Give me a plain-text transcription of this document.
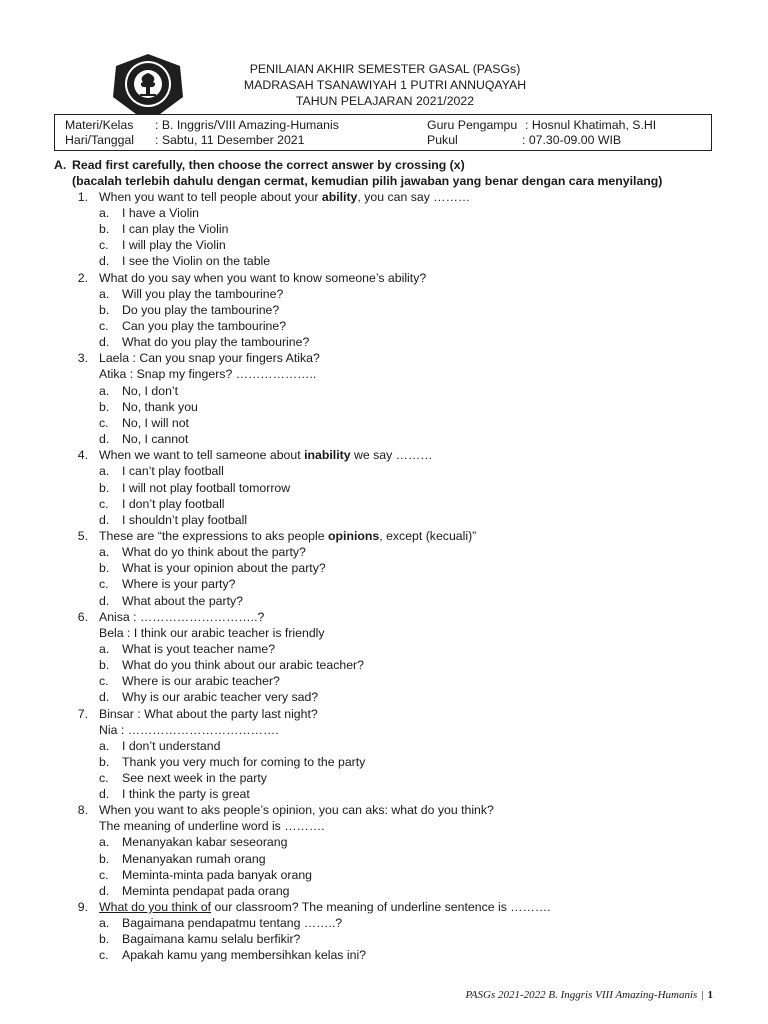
PENILAIAN AKHIR SEMESTER GASAL (PASGs)
MADRASAH TSANAWIYAH 1 PUTRI ANNUQAYAH
TAHUN PELAJARAN 2021/2022
Materi/Kelas : B. Inggris/VIII Amazing-Humanis
Hari/Tanggal : Sabtu, 11 Desember 2021
Guru Pengampu : Hosnul Khatimah, S.HI
Pukul	: 07.30-09.00 WIB
A. Read first carefully, then choose the correct answer by crossing (x)
(bacalah terlebih dahulu dengan cermat, kemudian pilih jawaban yang benar dengan cara menyilang)
1. When you want to tell people about your ability, you can say ………
a. I have a Violin
b. I can play the Violin
c. I will play the Violin
d. I see the Violin on the table
2. What do you say when you want to know someone’s ability?
a. Will you play the tambourine?
b. Do you play the tambourine?
c. Can you play the tambourine?
d. What do you play the tambourine?
3. Laela : Can you snap your fingers Atika?
Atika : Snap my fingers? ………………..
a. No, I don’t
b. No, thank you
c. No, I will not
d. No, I cannot
4. When we want to tell sameone about inability we say ………
a. I can’t play football
b. I will not play football tomorrow
c. I don’t play football
d. I shouldn’t play football
5. These are “the expressions to aks people opinions, except (kecuali)”
a. What do yo think about the party?
b. What is your opinion about the party?
c. Where is your party?
d. What about the party?
6. Anisa : ………………………..?
Bela : I think our arabic teacher is friendly
a. What is yout teacher name?
b. What do you think about our arabic teacher?
c. Where is our arabic teacher?
d. Why is our arabic teacher very sad?
7. Binsar : What about the party last night?
Nia : ……………………………….
a. I don’t understand
b. Thank you very much for coming to the party
c. See next week in the party
d. I think the party is great
8. When you want to aks people’s opinion, you can aks: what do you think?
The meaning of underline word is ……….
a. Menanyakan kabar seseorang
b. Menanyakan rumah orang
c. Meminta-minta pada banyak orang
d. Meminta pendapat pada orang
9. What do you think of our classroom? The meaning of underline sentence is ……….
a. Bagaimana pendapatmu tentang ……..?
b. Bagaimana kamu selalu berfikir?
c. Apakah kamu yang membersihkan kelas ini?
PASGs 2021-2022 B. Inggris VIII Amazing-Humanis | 1
